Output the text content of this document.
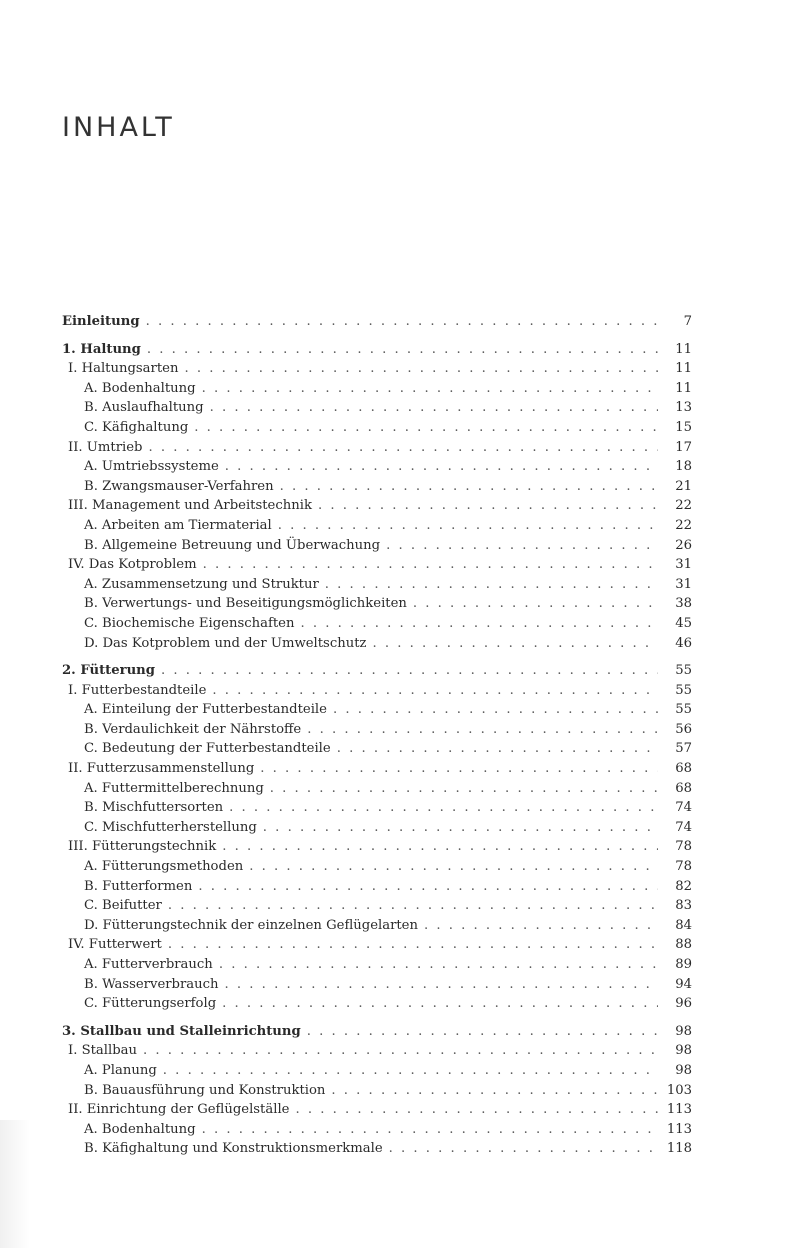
INHALT
Einleitung . . .	7
1. Haltung . . .	11
I. Haltungsarten . . .	11
A. Bodenhaltung . . .	11
B. Auslaufhaltung . . .	13
C. Käfighaltung . . .	15
II. Umtrieb . . .	17
A. Umtriebssysteme . . .	18
B. Zwangsmauser-Verfahren . . .	21
III. Management und Arbeitstechnik . . .	22
A. Arbeiten am Tiermaterial . . .	22
B. Allgemeine Betreuung und Überwachung . . .	26
IV. Das Kotproblem . . .	31
A. Zusammensetzung und Struktur . . .	31
B. Verwertungs- und Beseitigungsmöglichkeiten . . .	38
C. Biochemische Eigenschaften . . .	45
D. Das Kotproblem und der Umweltschutz . . .	46
2. Fütterung . . .	55
I. Futterbestandteile . . .	55
A. Einteilung der Futterbestandteile . . .	55
B. Verdaulichkeit der Nährstoffe . . .	56
C. Bedeutung der Futterbestandteile . . .	57
II. Futterzusammenstellung . . .	68
A. Futtermittelberechnung . . .	68
B. Mischfuttersorten . . .	74
C. Mischfutterherstellung . . .	74
III. Fütterungstechnik . . .	78
A. Fütterungsmethoden . . .	78
B. Futterformen . . .	82
C. Beifutter . . .	83
D. Fütterungstechnik der einzelnen Geflügelarten . . .	84
IV. Futterwert . . .	88
A. Futterverbrauch . . .	89
B. Wasserverbrauch . . .	94
C. Fütterungserfolg . . .	96
3. Stallbau und Stalleinrichtung . . .	98
I. Stallbau . . .	98
A. Planung . . .	98
B. Bauausführung und Konstruktion . . .	103
II. Einrichtung der Geflügelställe . . .	113
A. Bodenhaltung . . .	113
B. Käfighaltung und Konstruktionsmerkmale . . .	118
